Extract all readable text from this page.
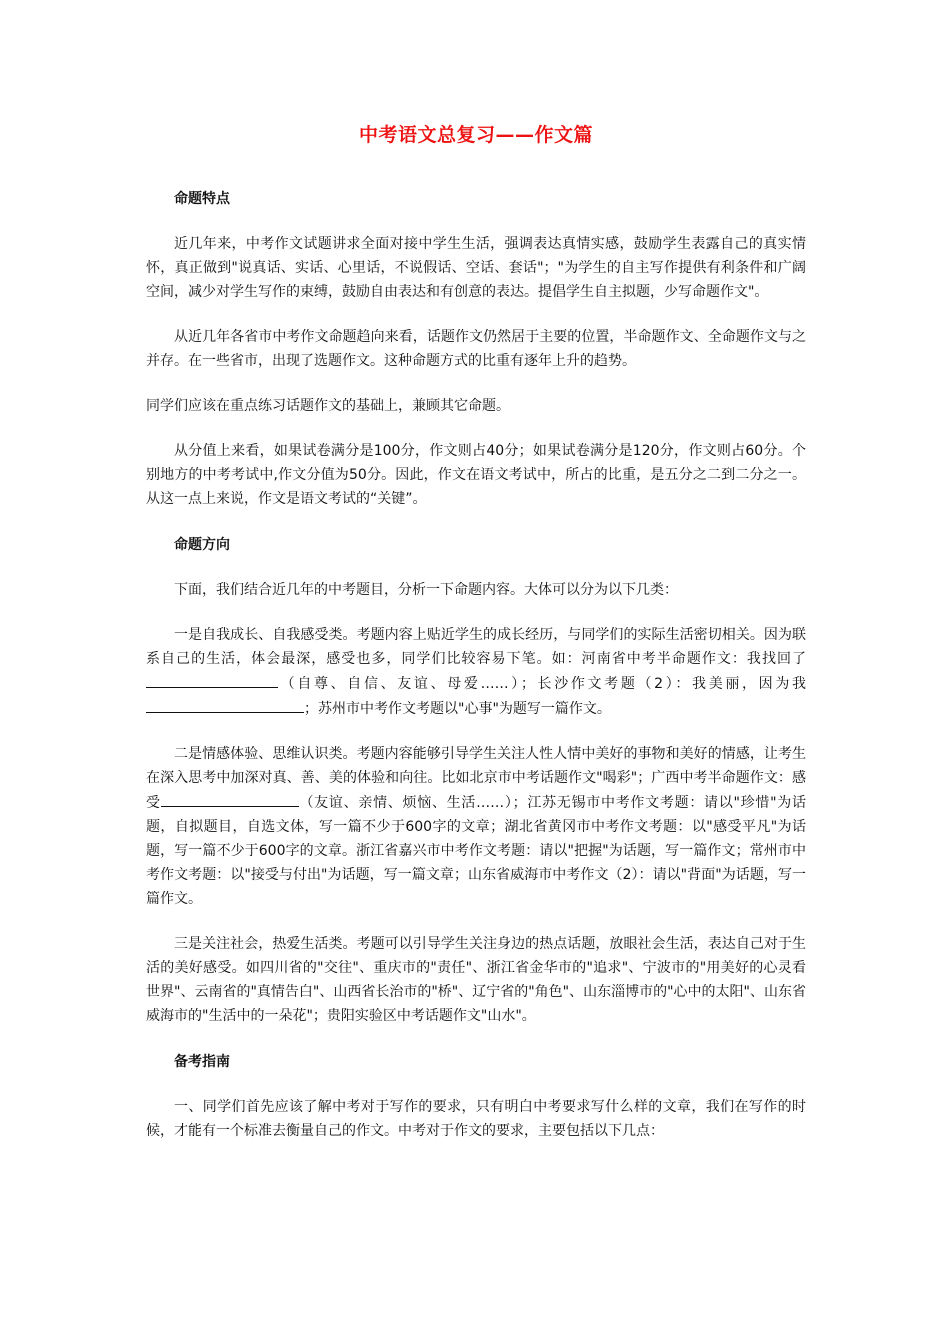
中考语文总复习——作文篇
命题特点

近几年来，中考作文试题讲求全面对接中学生生活，强调表达真情实感，鼓励学生表露自己的真实情怀，真正做到"说真话、实话、心里话，不说假话、空话、套话"；"为学生的自主写作提供有利条件和广阔空间，减少对学生写作的束缚，鼓励自由表达和有创意的表达。提倡学生自主拟题，少写命题作文"。

从近几年各省市中考作文命题趋向来看，话题作文仍然居于主要的位置，半命题作文、全命题作文与之并存。在一些省市，出现了选题作文。这种命题方式的比重有逐年上升的趋势。

同学们应该在重点练习话题作文的基础上，兼顾其它命题。

从分值上来看，如果试卷满分是100分，作文则占40分；如果试卷满分是120分，作文则占60分。个别地方的中考考试中,作文分值为50分。因此，作文在语文考试中，所占的比重，是五分之二到二分之一。从这一点上来说，作文是语文考试的“关键”。

命题方向

下面，我们结合近几年的中考题目，分析一下命题内容。大体可以分为以下几类：

一是自我成长、自我感受类。考题内容上贴近学生的成长经历，与同学们的实际生活密切相关。因为联系自己的生活，体会最深，感受也多，同学们比较容易下笔。如：河南省中考半命题作文：我找回了（自尊、自信、友谊、母爱……）；长沙作文考题（2）：我美丽，因为我；苏州市中考作文考题以"心事"为题写一篇作文。

二是情感体验、思维认识类。考题内容能够引导学生关注人性人情中美好的事物和美好的情感，让考生在深入思考中加深对真、善、美的体验和向往。比如北京市中考话题作文"喝彩"；广西中考半命题作文：感受	（友谊、亲情、烦恼、生活……）；江苏无锡市中考作文考题：请以"珍惜"为话题，自拟题目，自选文体，写一篇不少于600字的文章；湖北省黄冈市中考作文考题：以"感受平凡"为话题，写一篇不少于600字的文章。浙江省嘉兴市中考作文考题：请以"把握"为话题，写一篇作文；常州市中考作文考题：以"接受与付出"为话题，写一篇文章；山东省威海市中考作文（2）：请以"背面"为话题，写一篇作文。

三是关注社会，热爱生活类。考题可以引导学生关注身边的热点话题，放眼社会生活，表达自己对于生活的美好感受。如四川省的"交往"、重庆市的"责任"、浙江省金华市的"追求"、宁波市的"用美好的心灵看世界"、云南省的"真情告白"、山西省长治市的"桥"、辽宁省的"角色"、山东淄博市的"心中的太阳"、山东省威海市的"生活中的一朵花"；贵阳实验区中考话题作文"山水"。

备考指南

一、同学们首先应该了解中考对于写作的要求，只有明白中考要求写什么样的文章，我们在写作的时候，才能有一个标准去衡量自己的作文。中考对于作文的要求，主要包括以下几点：
